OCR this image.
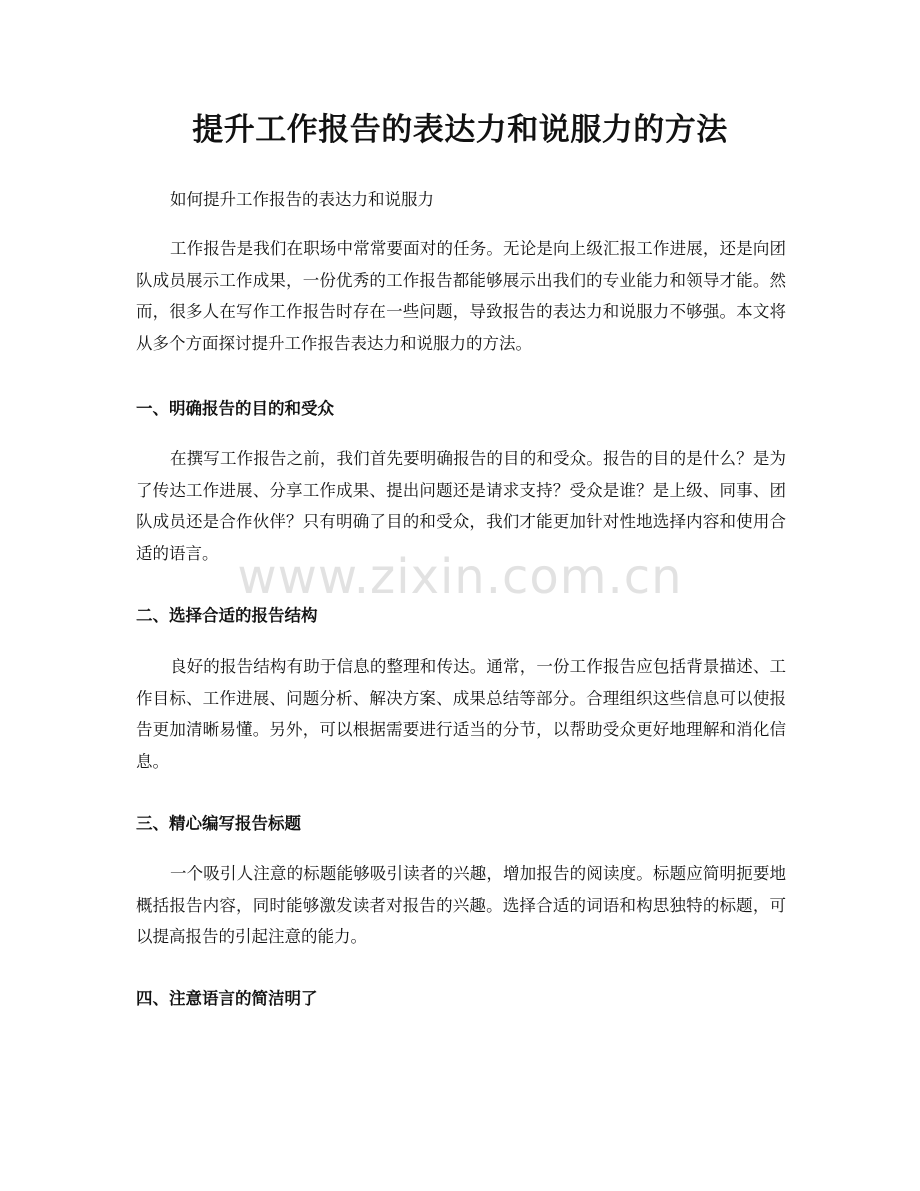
提升工作报告的表达力和说服力的方法

如何提升工作报告的表达力和说服力

工作报告是我们在职场中常常要面对的任务。无论是向上级汇报工作进展，还是向团队成员展示工作成果，一份优秀的工作报告都能够展示出我们的专业能力和领导才能。然而，很多人在写作工作报告时存在一些问题，导致报告的表达力和说服力不够强。本文将从多个方面探讨提升工作报告表达力和说服力的方法。

一、明确报告的目的和受众

在撰写工作报告之前，我们首先要明确报告的目的和受众。报告的目的是什么？是为了传达工作进展、分享工作成果、提出问题还是请求支持？受众是谁？是上级、同事、团队成员还是合作伙伴？只有明确了目的和受众，我们才能更加针对性地选择内容和使用合适的语言。

二、选择合适的报告结构

良好的报告结构有助于信息的整理和传达。通常，一份工作报告应包括背景描述、工作目标、工作进展、问题分析、解决方案、成果总结等部分。合理组织这些信息可以使报告更加清晰易懂。另外，可以根据需要进行适当的分节，以帮助受众更好地理解和消化信息。

三、精心编写报告标题

一个吸引人注意的标题能够吸引读者的兴趣，增加报告的阅读度。标题应简明扼要地概括报告内容，同时能够激发读者对报告的兴趣。选择合适的词语和构思独特的标题，可以提高报告的引起注意的能力。

四、注意语言的简洁明了
www.zixin.com.cn
